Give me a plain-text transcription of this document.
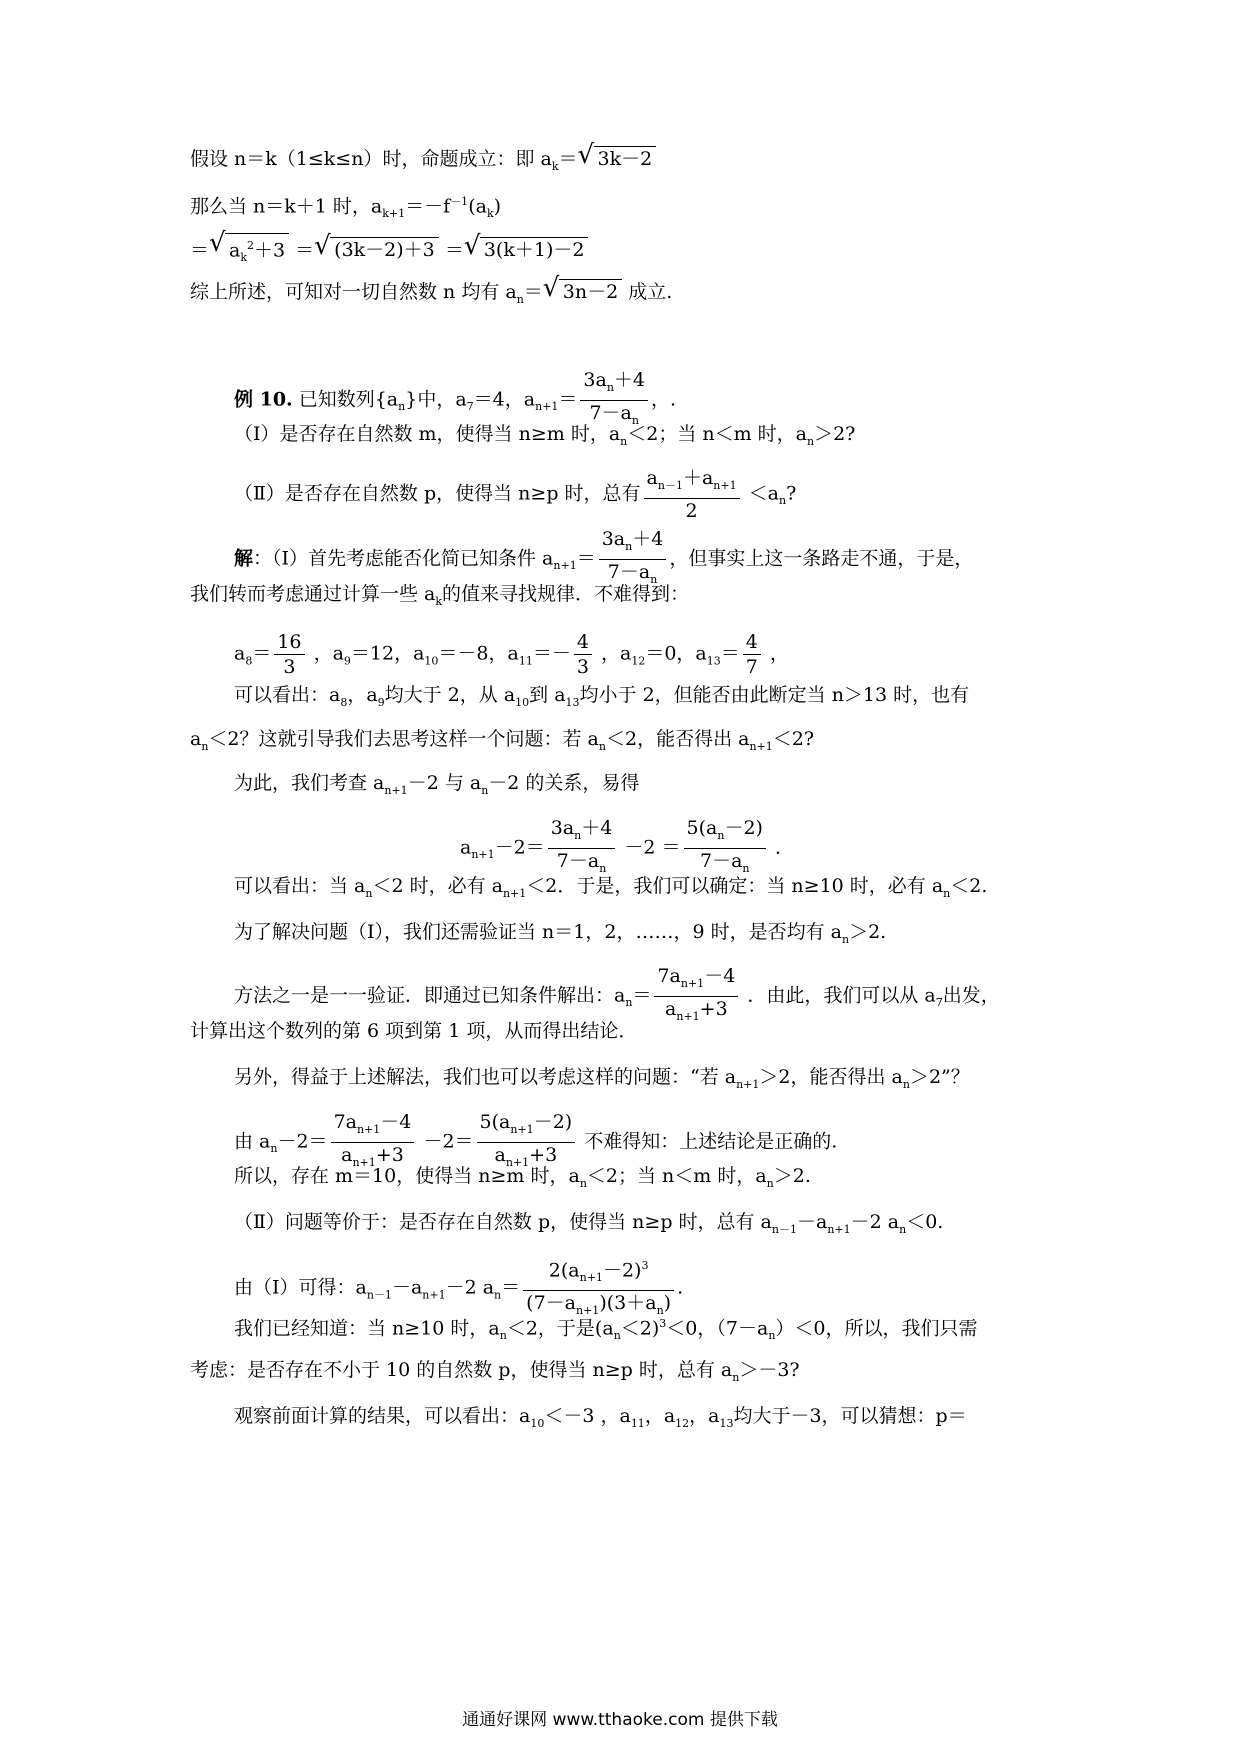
假设 n＝k（1≤k≤n）时，命题成立：即 $a_k=$ √ 3k－2
那么当 n＝k＋1 时，$a_{k+1}=-f^{-1}(a_k)$
＝ √ $a_k^2+3$ ＝ √ (3k－2)＋3 ＝ √ 3(k＋1)－2
综上所述，可知对一切自然数 n 均有 $a_n=$ √ 3n－2 成立.
例 10. 已知数列$\{a_n\}$中，$a_7=4$，$a_{n+1}= \frac{3a_n+4}{7-a_n}$ ，.
（Ⅰ）是否存在自然数 m，使得当 n≥m 时，$a_n<2$；当 n＜m 时，$a_n>2$?
（Ⅱ）是否存在自然数 p，使得当 n≥p 时，总有 $\frac{a_{n-1}+a_{n+1}}{2} <a_n$?
解：（Ⅰ）首先考虑能否化简已知条件 $a_{n+1}= \frac{3a_n+4}{7-a_n}$ ，但事实上这一条路走不通，于是，
我们转而考虑通过计算一些 $a_k$的值来寻找规律．不难得到：
$a_8= \frac{16}{3}$ ，$a_9=12$，$a_{10}=-8$，$a_{11}=- \frac{4}{3}$ ，$a_{12}=0$，$a_{13}= \frac{4}{7}$ ，
可以看出：$a_8$，$a_9$均大于 2，从 $a_{10}$到 $a_{13}$均小于 2，但能否由此断定当 n＞13 时，也有
$a_n<2$？这就引导我们去思考这样一个问题：若 $a_n<2$，能否得出 $a_{n+1}<2$?
为此，我们考查 $a_{n+1}-2$ 与 $a_n-2$ 的关系，易得
$a_{n+1}-2= \frac{3a_n+4}{7-a_n} -2 = \frac{5(a_n-2)}{7-a_n}$ ．
可以看出：当 $a_n<2$ 时，必有 $a_{n+1}<2$．于是，我们可以确定：当 n≥10 时，必有 $a_n<2$.
为了解决问题（Ⅰ），我们还需验证当 n＝1，2，……，9 时，是否均有 $a_n>2$.
方法之一是一一验证．即通过已知条件解出：$a_n= \frac{7a_{n+1}-4}{a_{n+1}+3}$ ．由此，我们可以从 $a_7$出发，
计算出这个数列的第 6 项到第 1 项，从而得出结论．
另外，得益于上述解法，我们也可以考虑这样的问题：“若 $a_{n+1}>2$，能否得出 $a_n>2$”？
由 $a_n-2= \frac{7a_{n+1}-4}{a_{n+1}+3} -2= \frac{5(a_{n+1}-2)}{a_{n+1}+3}$ 不难得知：上述结论是正确的.
所以，存在 m＝10，使得当 n≥m 时，$a_n<2$；当 n＜m 时，$a_n>2$.
（Ⅱ）问题等价于：是否存在自然数 p，使得当 n≥p 时，总有 $a_{n-1}-a_{n+1}-2$ $a_n<0$.
由（Ⅰ）可得：$a_{n-1}-a_{n+1}-2$ $a_n= \frac{2(a_{n+1}-2)^3}{(7-a_{n+1})(3+a_n)}$ .
我们已经知道：当 n≥10 时，$a_n<2$，于是$(a_n<2)^3<0$，$(7-a_n)<0$，所以，我们只需
考虑：是否存在不小于 10 的自然数 p，使得当 n≥p 时，总有 $a_n>-3$?
观察前面计算的结果，可以看出：$a_{10}<-3$ ，$a_{11}$，$a_{12}$，$a_{13}$均大于－3，可以猜想：p＝
通通好课网 www.tthaoke.com 提供下载
